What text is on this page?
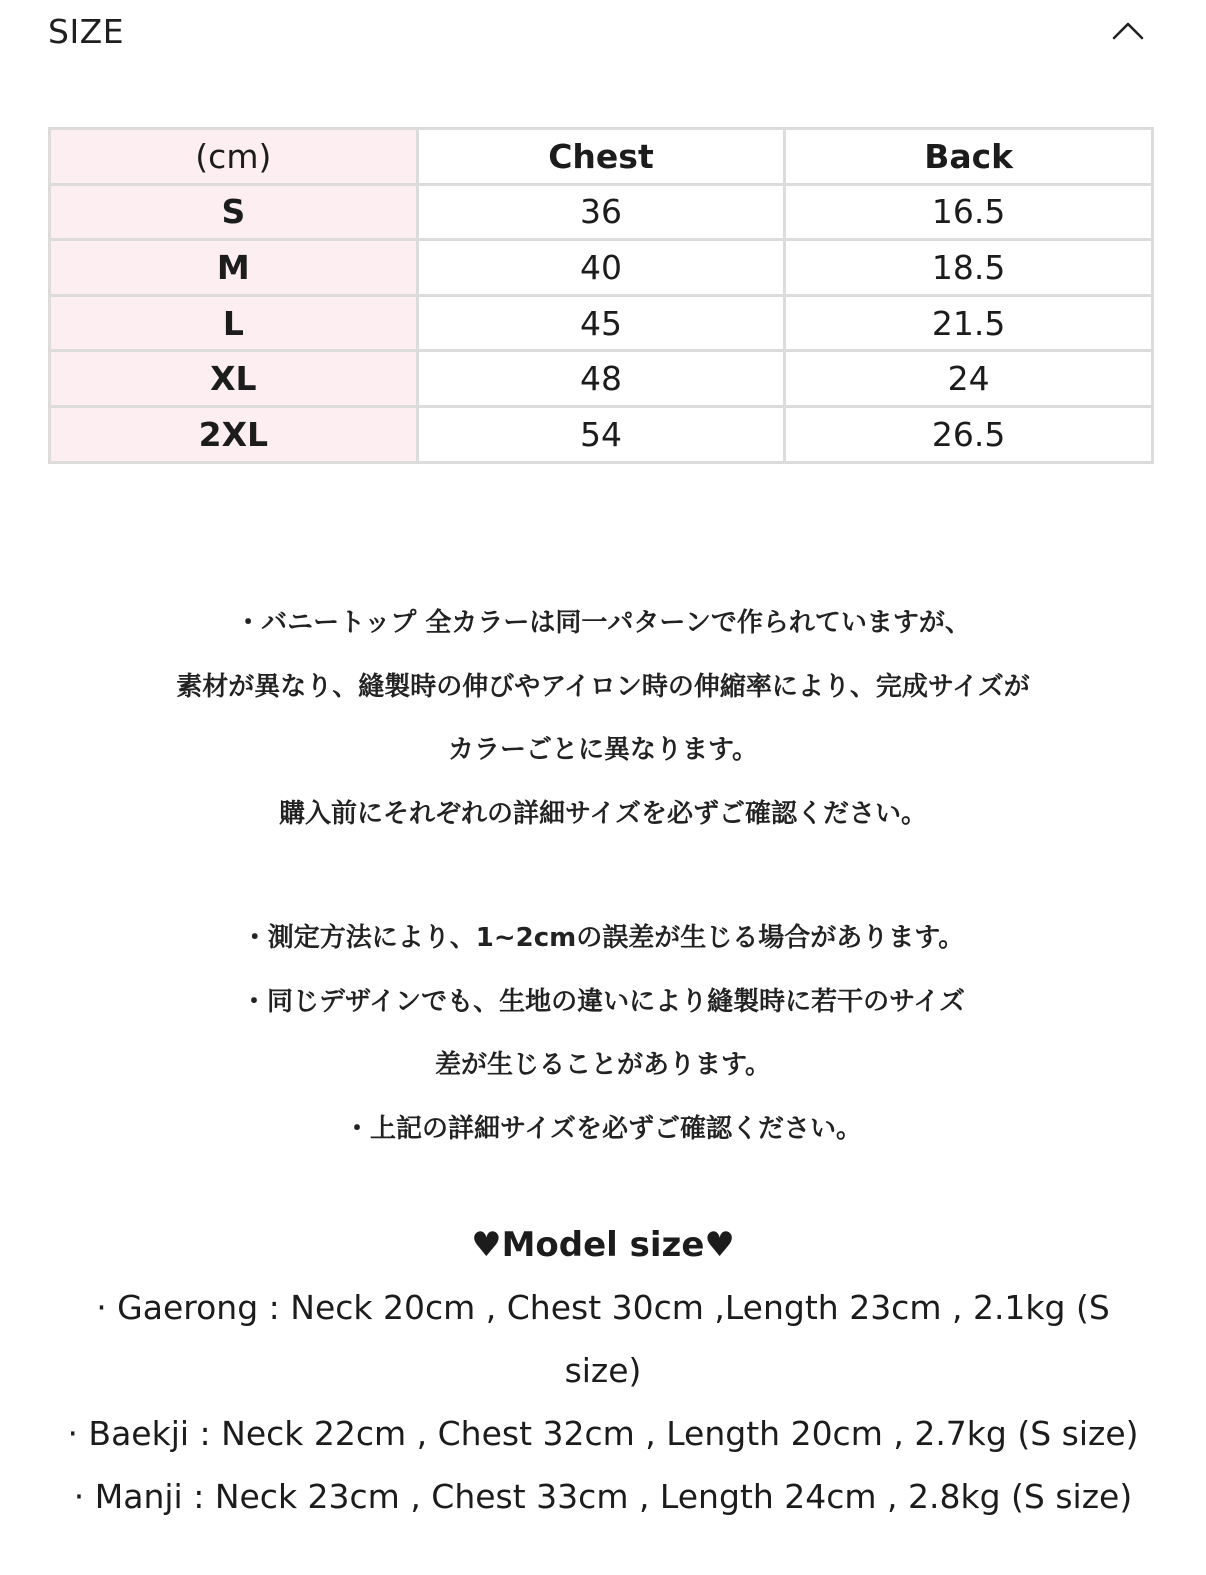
SIZE
(cm)	Chest	Back
S	36	16.5
M	40	18.5
L	45	21.5
XL	48	24
2XL	54	26.5
・バニートップ 全カラーは同一パターンで作られていますが、
素材が異なり、縫製時の伸びやアイロン時の伸縮率により、完成サイズが
カラーごとに異なります。
購入前にそれぞれの詳細サイズを必ずご確認ください。
・測定方法により、1~2cmの誤差が生じる場合があります。
・同じデザインでも、生地の違いにより縫製時に若干のサイズ
差が生じることがあります。
・上記の詳細サイズを必ずご確認ください。
♥Model size♥
· Gaerong : Neck 20cm , Chest 30cm ,Length 23cm , 2.1kg (S
size)
· Baekji : Neck 22cm , Chest 32cm , Length 20cm , 2.7kg (S size)
· Manji : Neck 23cm , Chest 33cm , Length 24cm , 2.8kg (S size)
